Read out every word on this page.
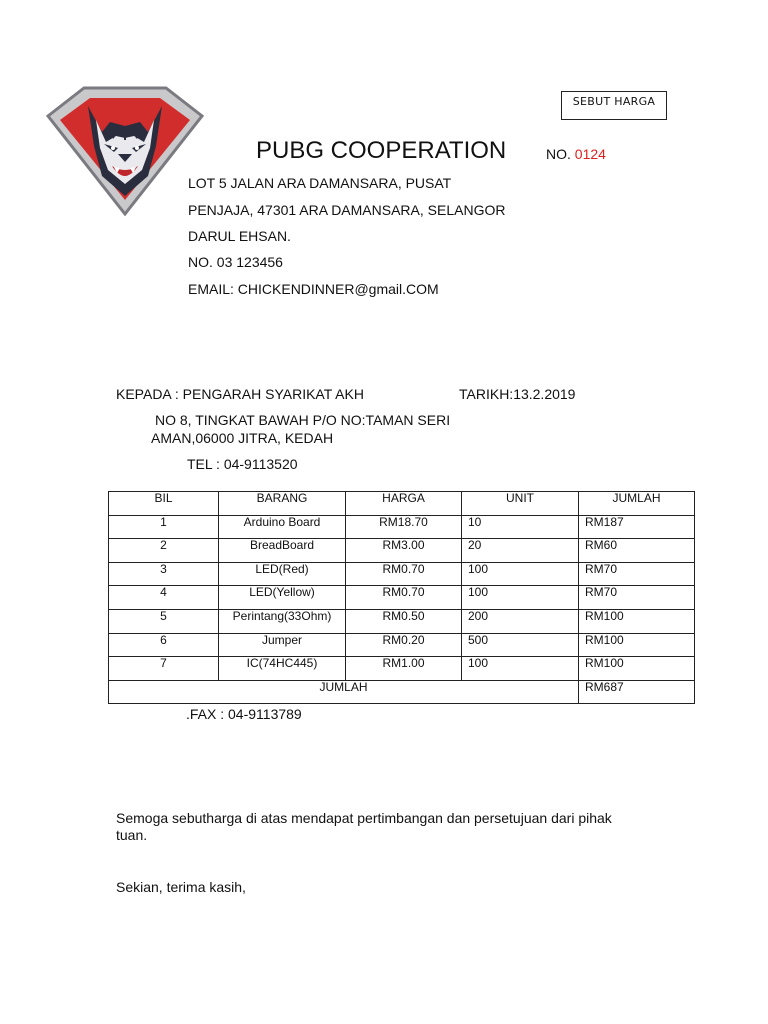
SEBUT HARGA
PUBG COOPERATION	NO. 0124
LOT 5 JALAN ARA DAMANSARA, PUSAT
PENJAJA, 47301 ARA DAMANSARA, SELANGOR
DARUL EHSAN.
NO. 03 123456
EMAIL: CHICKENDINNER@gmail.COM
KEPADA : PENGARAH SYARIKAT AKH	TARIKH:13.2.2019
NO 8, TINGKAT BAWAH P/O NO:TAMAN SERI
AMAN,06000 JITRA, KEDAH
TEL : 04-9113520
BIL	BARANG	HARGA	UNIT	JUMLAH
1	Arduino Board	RM18.70	10	RM187
2	BreadBoard	RM3.00	20	RM60
3	LED(Red)	RM0.70	100	RM70
4	LED(Yellow)	RM0.70	100	RM70
5	Perintang(33Ohm)	RM0.50	200	RM100
6	Jumper	RM0.20	500	RM100
7	IC(74HC445)	RM1.00	100	RM100
JUMLAH				RM687
.FAX : 04-9113789
Semoga sebutharga di atas mendapat pertimbangan dan persetujuan dari pihak
tuan.
Sekian, terima kasih,
